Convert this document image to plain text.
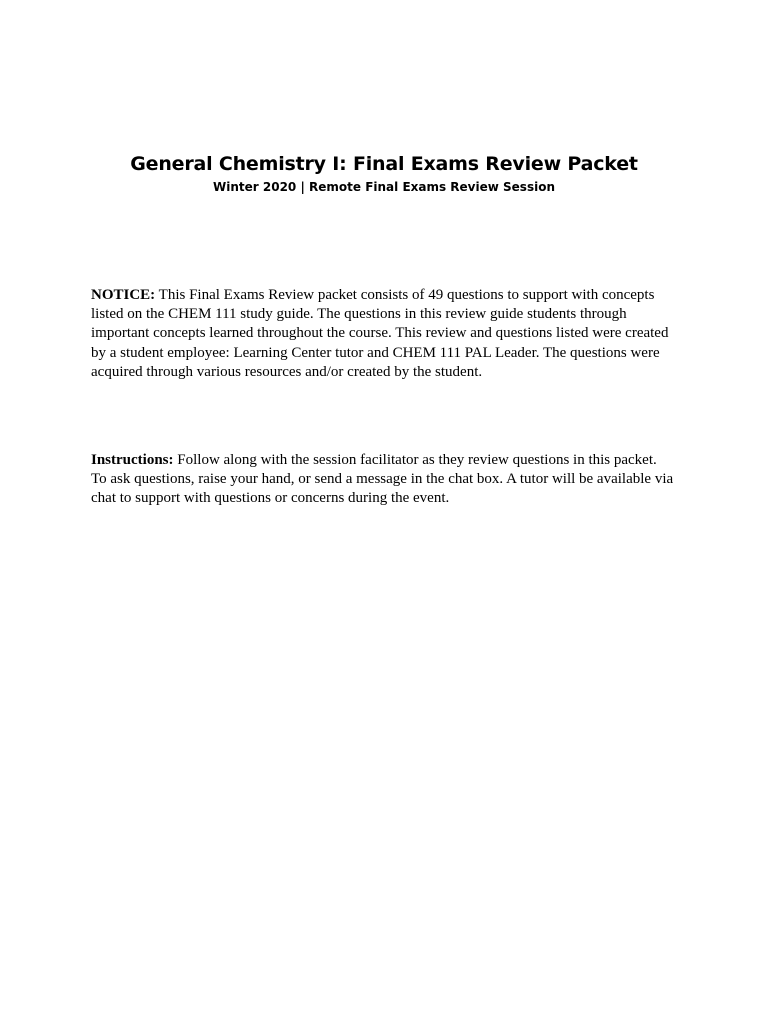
General Chemistry I: Final Exams Review Packet
Winter 2020 | Remote Final Exams Review Session

NOTICE: This Final Exams Review packet consists of 49 questions to support with concepts
listed on the CHEM 111 study guide. The questions in this review guide students through
important concepts learned throughout the course. This review and questions listed were created
by a student employee: Learning Center tutor and CHEM 111 PAL Leader. The questions were
acquired through various resources and/or created by the student.

Instructions: Follow along with the session facilitator as they review questions in this packet.
To ask questions, raise your hand, or send a message in the chat box. A tutor will be available via
chat to support with questions or concerns during the event.
